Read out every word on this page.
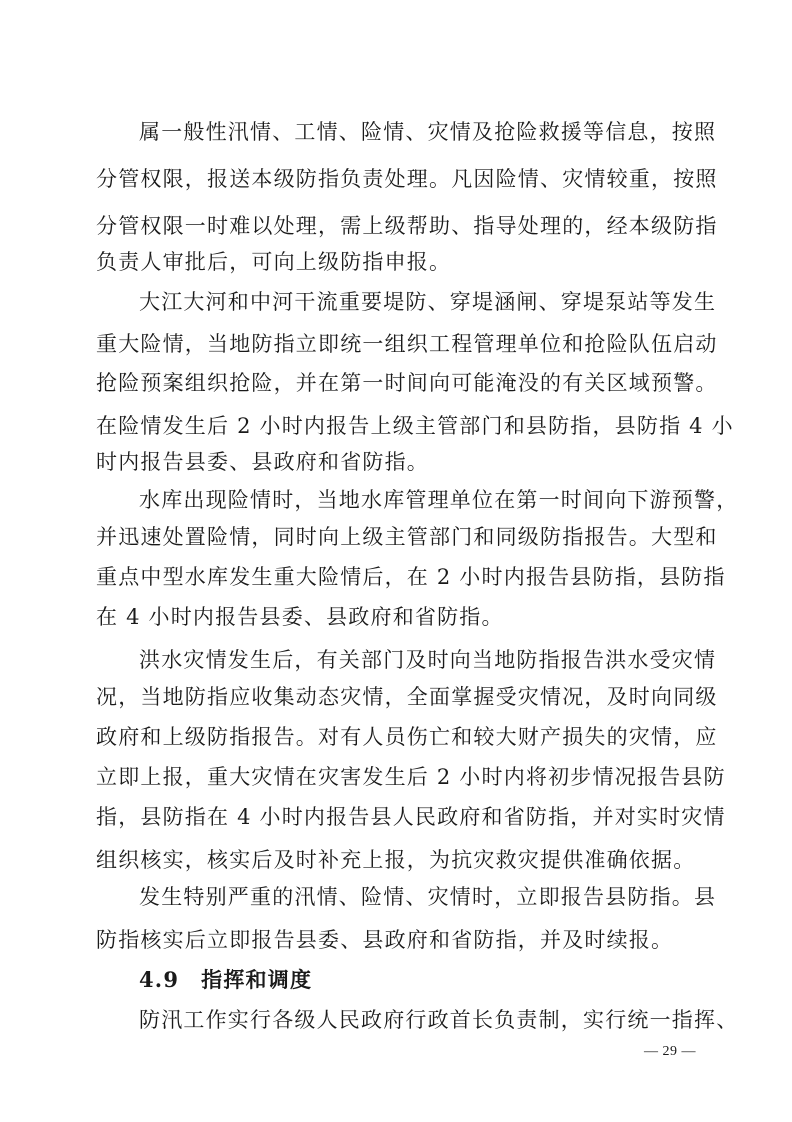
属一般性汛情、工情、险情、灾情及抢险救援等信息，按照
分管权限，报送本级防指负责处理。凡因险情、灾情较重，按照
分管权限一时难以处理，需上级帮助、指导处理的，经本级防指
负责人审批后，可向上级防指申报。
大江大河和中河干流重要堤防、穿堤涵闸、穿堤泵站等发生
重大险情，当地防指立即统一组织工程管理单位和抢险队伍启动
抢险预案组织抢险，并在第一时间向可能淹没的有关区域预警。
在险情发生后 2 小时内报告上级主管部门和县防指，县防指 4 小
时内报告县委、县政府和省防指。
水库出现险情时，当地水库管理单位在第一时间向下游预警，
并迅速处置险情，同时向上级主管部门和同级防指报告。大型和
重点中型水库发生重大险情后，在 2 小时内报告县防指，县防指
在 4 小时内报告县委、县政府和省防指。
洪水灾情发生后，有关部门及时向当地防指报告洪水受灾情
况，当地防指应收集动态灾情，全面掌握受灾情况，及时向同级
政府和上级防指报告。对有人员伤亡和较大财产损失的灾情，应
立即上报，重大灾情在灾害发生后 2 小时内将初步情况报告县防
指，县防指在 4 小时内报告县人民政府和省防指，并对实时灾情
组织核实，核实后及时补充上报，为抗灾救灾提供准确依据。
发生特别严重的汛情、险情、灾情时，立即报告县防指。县
防指核实后立即报告县委、县政府和省防指，并及时续报。
4.9 指挥和调度
防汛工作实行各级人民政府行政首长负责制，实行统一指挥、
— 29 —
